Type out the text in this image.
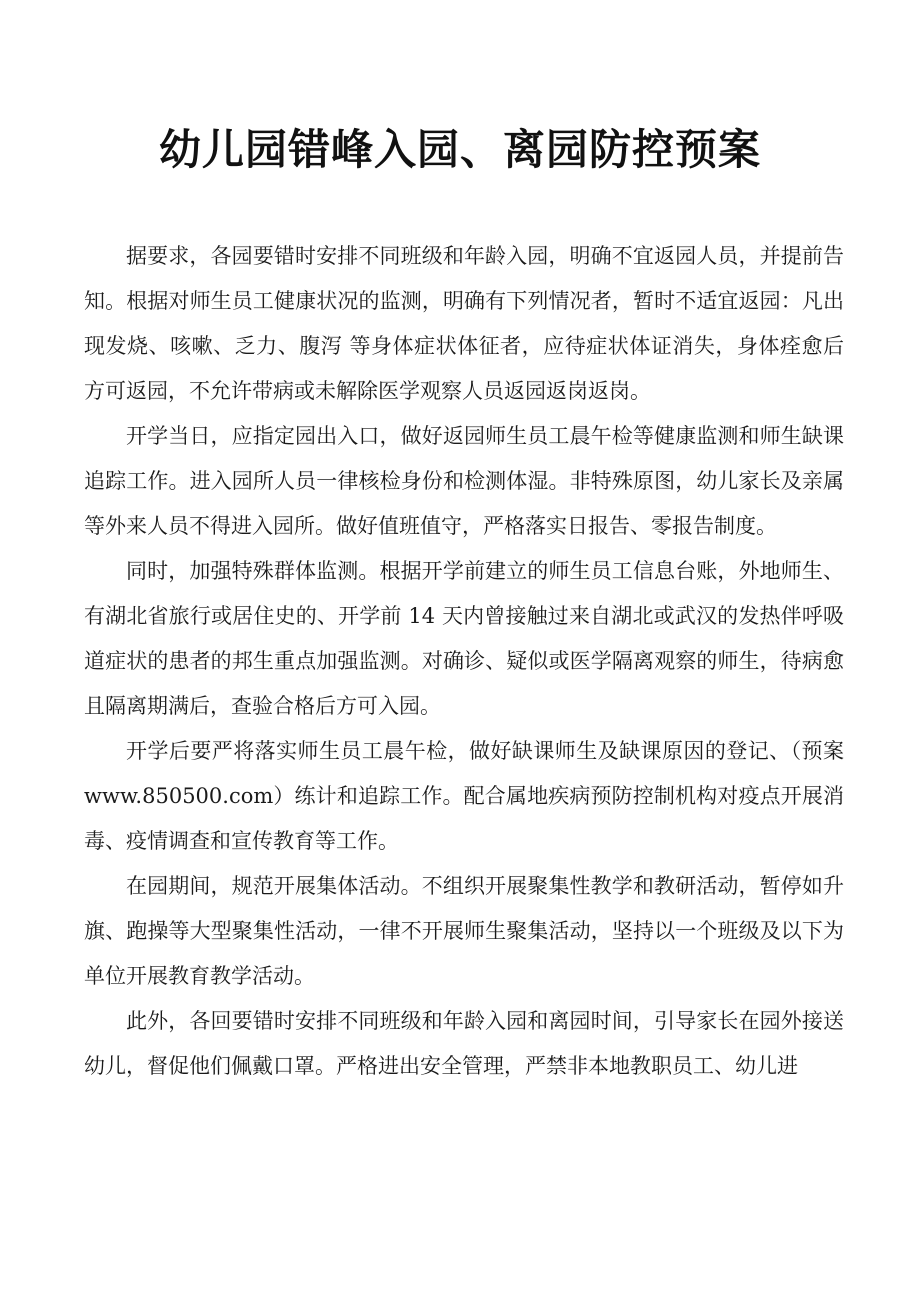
幼儿园错峰入园、离园防控预案

据要求，各园要错时安排不同班级和年龄入园，明确不宜返园人员，并提前告知。根据对师生员工健康状况的监测，明确有下列情况者，暂时不适宜返园：凡出现发烧、咳嗽、乏力、腹泻 等身体症状体征者，应待症状体证消失，身体痊愈后方可返园，不允许带病或未解除医学观察人员返园返岗返岗。

开学当日，应指定园出入口，做好返园师生员工晨午检等健康监测和师生缺课追踪工作。进入园所人员一律核检身份和检测体湿。非特殊原图，幼儿家长及亲属等外来人员不得进入园所。做好值班值守，严格落实日报告、零报告制度。

同时，加强特殊群体监测。根据开学前建立的师生员工信息台账，外地师生、有湖北省旅行或居住史的、开学前 14 天内曾接触过来自湖北或武汉的发热伴呼吸道症状的患者的邦生重点加强监测。对确诊、疑似或医学隔离观察的师生，待病愈且隔离期满后，查验合格后方可入园。

开学后要严将落实师生员工晨午检，做好缺课师生及缺课原因的登记、（预案 www.850500.com）练计和追踪工作。配合属地疾病预防控制机构对疫点开展消毒、疫情调查和宣传教育等工作。

在园期间，规范开展集体活动。不组织开展聚集性教学和教研活动，暂停如升旗、跑操等大型聚集性活动，一律不开展师生聚集活动，坚持以一个班级及以下为单位开展教育教学活动。

此外，各回要错时安排不同班级和年龄入园和离园时间，引导家长在园外接送幼儿，督促他们佩戴口罩。严格进出安全管理，严禁非本地教职员工、幼儿进
